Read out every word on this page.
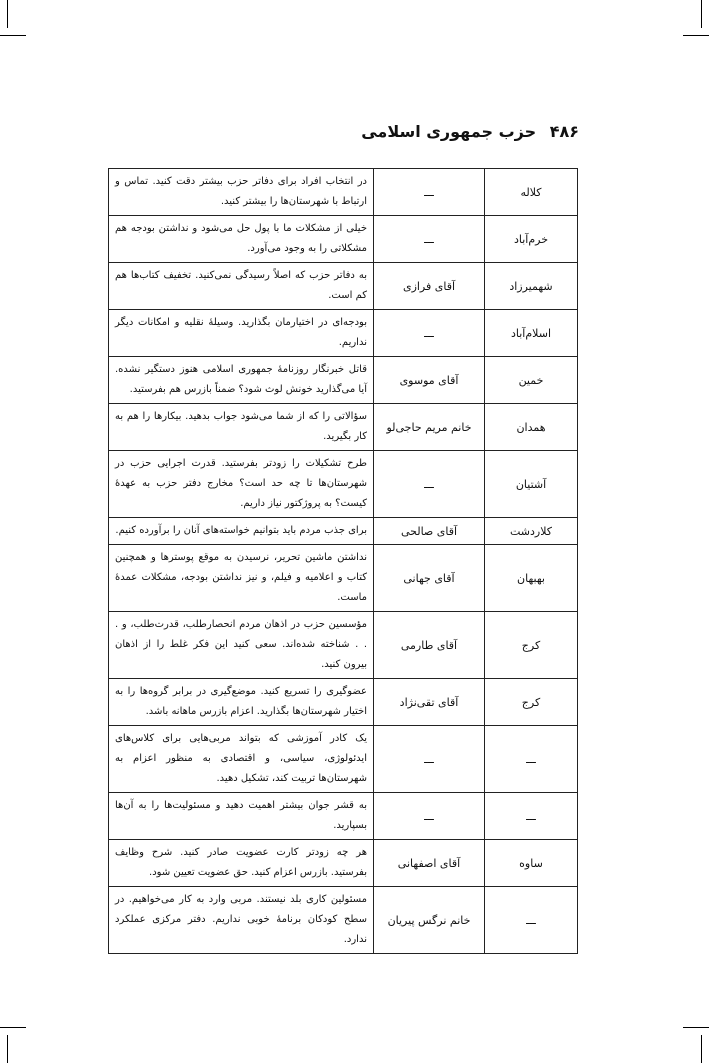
۴۸۶ حزب جمهوری اسلامی
کلاله	ـــ	در انتخاب افراد برای دفاتر حزب بیشتر دقت کنید. تماس و ارتباط با شهرستان‌ها را بیشتر کنید.
خرم‌آباد	ـــ	خیلی از مشکلات ما با پول حل می‌شود و نداشتن بودجه هم مشکلاتی را به وجود می‌آورد.
شهمیرزاد	آقای فرازی	به دفاتر حزب که اصلاً رسیدگی نمی‌کنید. تخفیف کتاب‌ها هم کم است.
اسلام‌آباد	ـــ	بودجه‌ای در اختیارمان بگذارید. وسیلهٔ نقلیه و امکانات دیگر نداریم.
خمین	آقای موسوی	قاتل خبرنگار روزنامهٔ جمهوری اسلامی هنوز دستگیر نشده. آیا می‌گذارید خونش لوث شود؟ ضمناً بازرس هم بفرستید.
همدان	خانم مریم حاجی‌لو	سؤالاتی را که از شما می‌شود جواب بدهید. بیکارها را هم به کار بگیرید.
آشتیان	ـــ	طرح تشکیلات را زودتر بفرستید. قدرت اجرایی حزب در شهرستان‌ها تا چه حد است؟ مخارج دفتر حزب به عهدهٔ کیست؟ به پروژکتور نیاز داریم.
کلاردشت	آقای صالحی	برای جذب مردم باید بتوانیم خواسته‌های آنان را برآورده کنیم.
بهبهان	آقای جهانی	نداشتن ماشین تحریر، نرسیدن به موقع پوسترها و همچنین کتاب و اعلامیه و فیلم، و نیز نداشتن بودجه، مشکلات عمدهٔ ماست.
کرج	آقای طارمی	مؤسسین حزب در اذهان مردم انحصارطلب، قدرت‌طلب، و . . . شناخته شده‌اند. سعی کنید این فکر غلط را از اذهان بیرون کنید.
کرج	آقای تقی‌نژاد	عضوگیری را تسریع کنید. موضع‌گیری در برابر گروه‌ها را به اختیار شهرستان‌ها بگذارید. اعزام بازرس ماهانه باشد.
ـــ	ـــ	یک کادر آموزشی که بتواند مربی‌هایی برای کلاس‌های ایدئولوژی، سیاسی، و اقتصادی به منظور اعزام به شهرستان‌ها تربیت کند، تشکیل دهید.
ـــ	ـــ	به قشر جوان بیشتر اهمیت دهید و مسئولیت‌ها را به آن‌ها بسپارید.
ساوه	آقای اصفهانی	هر چه زودتر کارت عضویت صادر کنید. شرح وظایف بفرستید. بازرس اعزام کنید. حق عضویت تعیین شود.
ـــ	خانم نرگس پیریان	مسئولین کاری بلد نیستند. مربی وارد به کار می‌خواهیم. در سطح کودکان برنامهٔ خوبی نداریم. دفتر مرکزی عملکرد ندارد.
